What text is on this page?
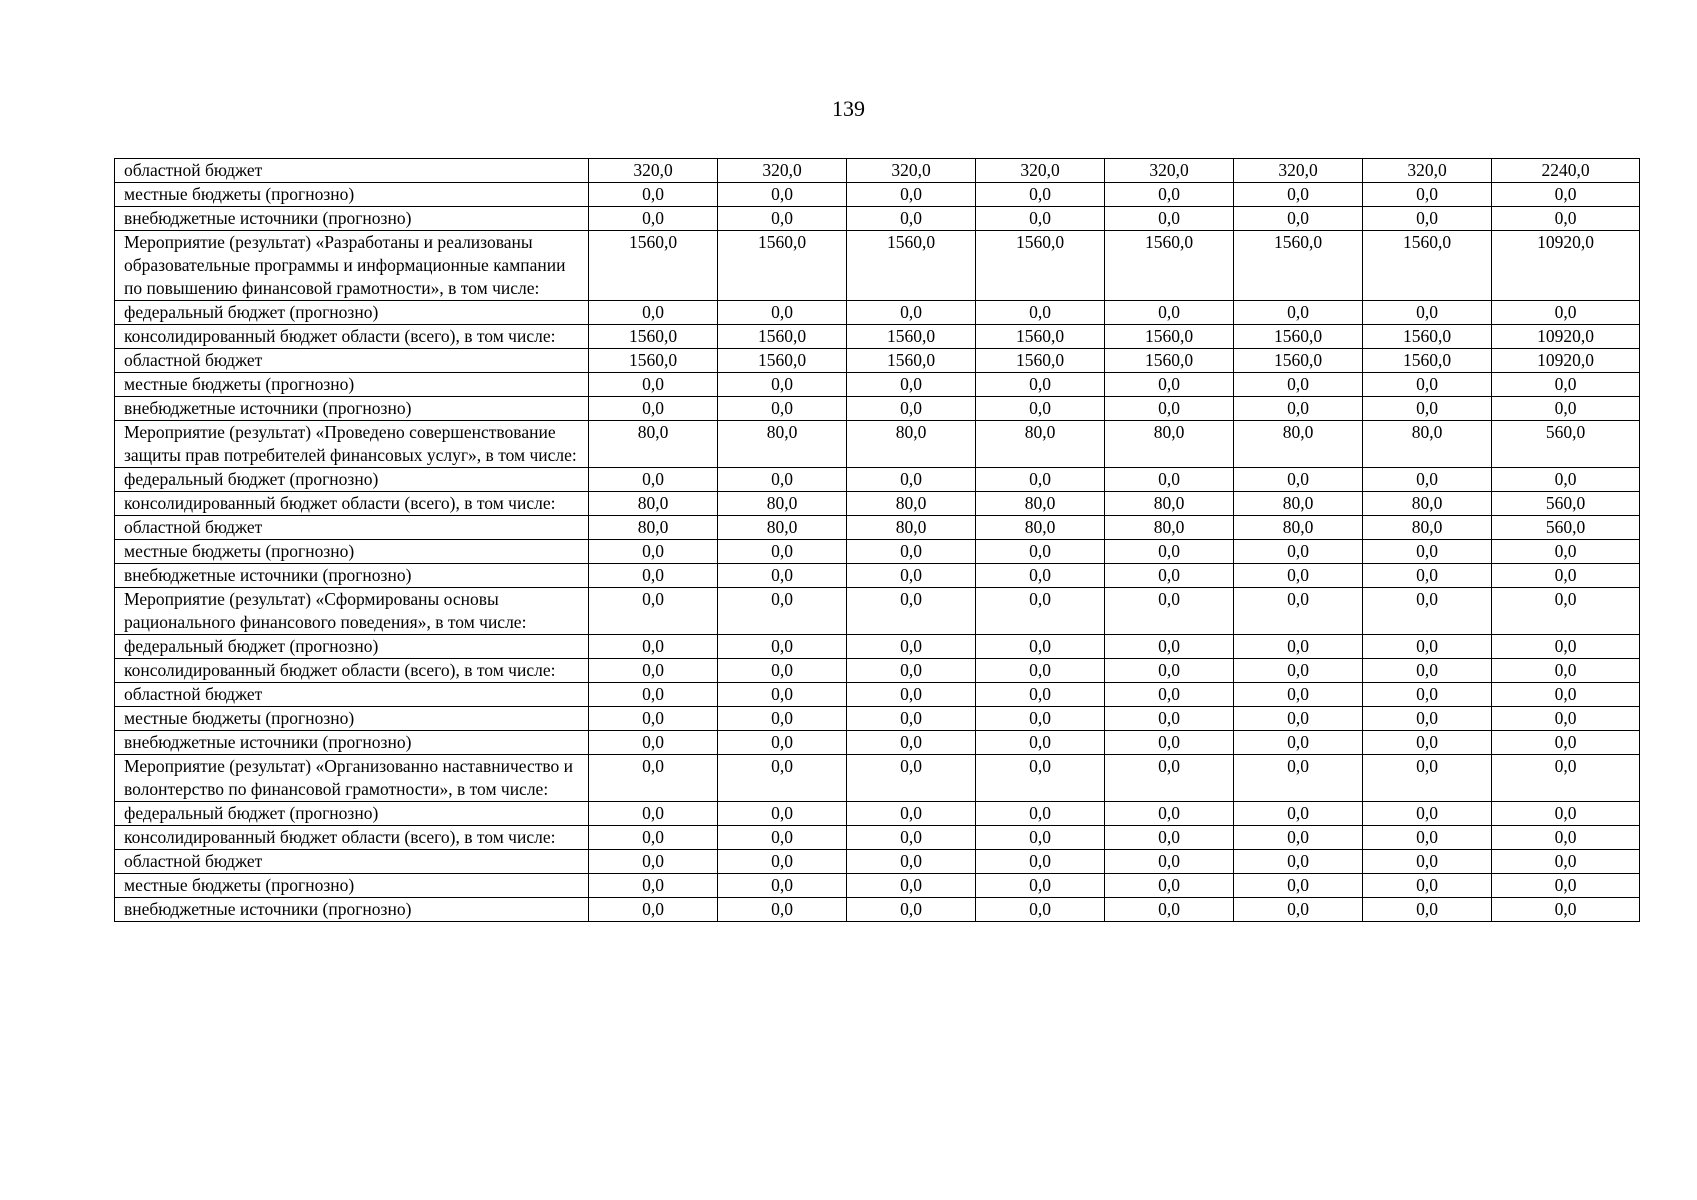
139
областной бюджет	320,0	320,0	320,0	320,0	320,0	320,0	320,0	2240,0
местные бюджеты (прогнозно)	0,0	0,0	0,0	0,0	0,0	0,0	0,0	0,0
внебюджетные источники (прогнозно)	0,0	0,0	0,0	0,0	0,0	0,0	0,0	0,0
Мероприятие (результат) «Разработаны и реализованы образовательные программы и информационные кампании по повышению финансовой грамотности», в том числе:	1560,0	1560,0	1560,0	1560,0	1560,0	1560,0	1560,0	10920,0
федеральный бюджет (прогнозно)	0,0	0,0	0,0	0,0	0,0	0,0	0,0	0,0
консолидированный бюджет области (всего), в том числе:	1560,0	1560,0	1560,0	1560,0	1560,0	1560,0	1560,0	10920,0
областной бюджет	1560,0	1560,0	1560,0	1560,0	1560,0	1560,0	1560,0	10920,0
местные бюджеты (прогнозно)	0,0	0,0	0,0	0,0	0,0	0,0	0,0	0,0
внебюджетные источники (прогнозно)	0,0	0,0	0,0	0,0	0,0	0,0	0,0	0,0
Мероприятие (результат) «Проведено совершенствование защиты прав потребителей финансовых услуг», в том числе:	80,0	80,0	80,0	80,0	80,0	80,0	80,0	560,0
федеральный бюджет (прогнозно)	0,0	0,0	0,0	0,0	0,0	0,0	0,0	0,0
консолидированный бюджет области (всего), в том числе:	80,0	80,0	80,0	80,0	80,0	80,0	80,0	560,0
областной бюджет	80,0	80,0	80,0	80,0	80,0	80,0	80,0	560,0
местные бюджеты (прогнозно)	0,0	0,0	0,0	0,0	0,0	0,0	0,0	0,0
внебюджетные источники (прогнозно)	0,0	0,0	0,0	0,0	0,0	0,0	0,0	0,0
Мероприятие (результат) «Сформированы основы рационального финансового поведения», в том числе:	0,0	0,0	0,0	0,0	0,0	0,0	0,0	0,0
федеральный бюджет (прогнозно)	0,0	0,0	0,0	0,0	0,0	0,0	0,0	0,0
консолидированный бюджет области (всего), в том числе:	0,0	0,0	0,0	0,0	0,0	0,0	0,0	0,0
областной бюджет	0,0	0,0	0,0	0,0	0,0	0,0	0,0	0,0
местные бюджеты (прогнозно)	0,0	0,0	0,0	0,0	0,0	0,0	0,0	0,0
внебюджетные источники (прогнозно)	0,0	0,0	0,0	0,0	0,0	0,0	0,0	0,0
Мероприятие (результат) «Организованно наставничество и волонтерство по финансовой грамотности», в том числе:	0,0	0,0	0,0	0,0	0,0	0,0	0,0	0,0
федеральный бюджет (прогнозно)	0,0	0,0	0,0	0,0	0,0	0,0	0,0	0,0
консолидированный бюджет области (всего), в том числе:	0,0	0,0	0,0	0,0	0,0	0,0	0,0	0,0
областной бюджет	0,0	0,0	0,0	0,0	0,0	0,0	0,0	0,0
местные бюджеты (прогнозно)	0,0	0,0	0,0	0,0	0,0	0,0	0,0	0,0
внебюджетные источники (прогнозно)	0,0	0,0	0,0	0,0	0,0	0,0	0,0	0,0
